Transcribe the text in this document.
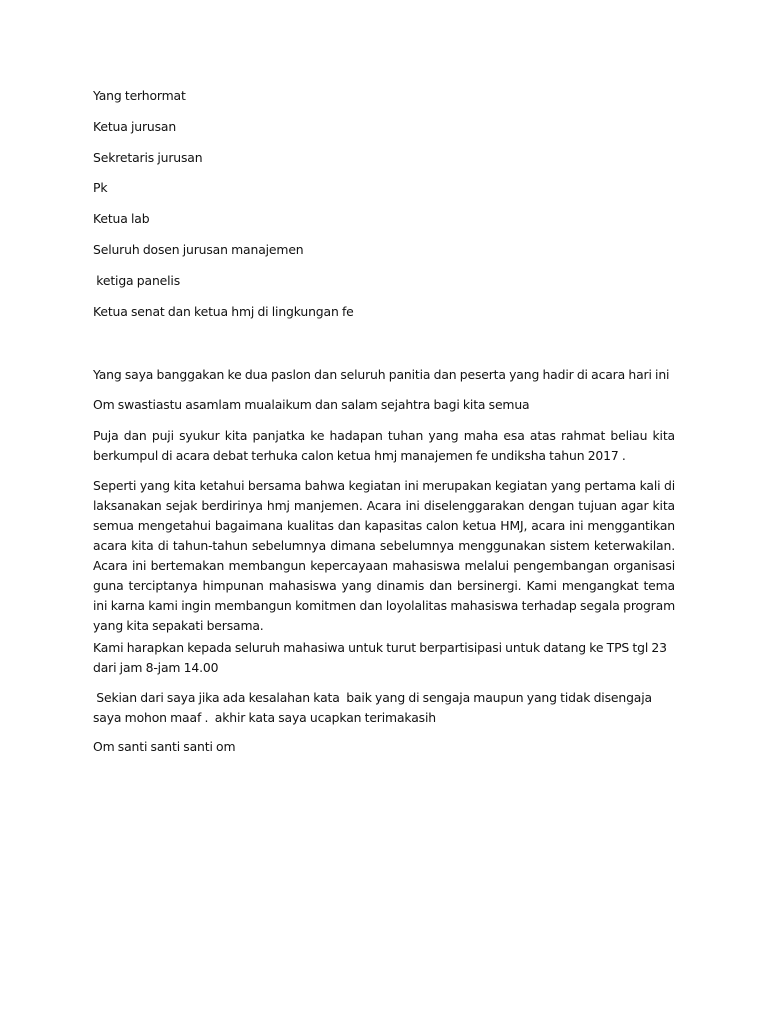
Yang terhormat

Ketua jurusan

Sekretaris jurusan

Pk

Ketua lab

Seluruh dosen jurusan manajemen

ketiga panelis

Ketua senat dan ketua hmj di lingkungan fe

Yang saya banggakan ke dua paslon dan seluruh panitia dan peserta yang hadir di acara hari ini

Om swastiastu asamlam mualaikum dan salam sejahtra bagi kita semua

Puja dan puji syukur kita panjatka ke hadapan tuhan yang maha esa atas rahmat beliau kita berkumpul di acara debat terhuka calon ketua hmj manajemen fe undiksha tahun 2017 .

Seperti yang kita ketahui bersama bahwa kegiatan ini merupakan kegiatan yang pertama kali di laksanakan sejak berdirinya hmj manjemen. Acara ini diselenggarakan dengan tujuan agar kita semua mengetahui bagaimana kualitas dan kapasitas calon ketua HMJ, acara ini menggantikan acara kita di tahun-tahun sebelumnya dimana sebelumnya menggunakan sistem keterwakilan. Acara ini bertemakan membangun kepercayaan mahasiswa melalui pengembangan organisasi guna terciptanya himpunan mahasiswa yang dinamis dan bersinergi. Kami mengangkat tema ini karna kami ingin membangun komitmen dan loyolalitas mahasiswa terhadap segala program yang kita sepakati bersama.

Kami harapkan kepada seluruh mahasiwa untuk turut berpartisipasi untuk datang ke TPS tgl 23 dari jam 8-jam 14.00

Sekian dari saya jika ada kesalahan kata  baik yang di sengaja maupun yang tidak disengaja saya mohon maaf .  akhir kata saya ucapkan terimakasih

Om santi santi santi om
